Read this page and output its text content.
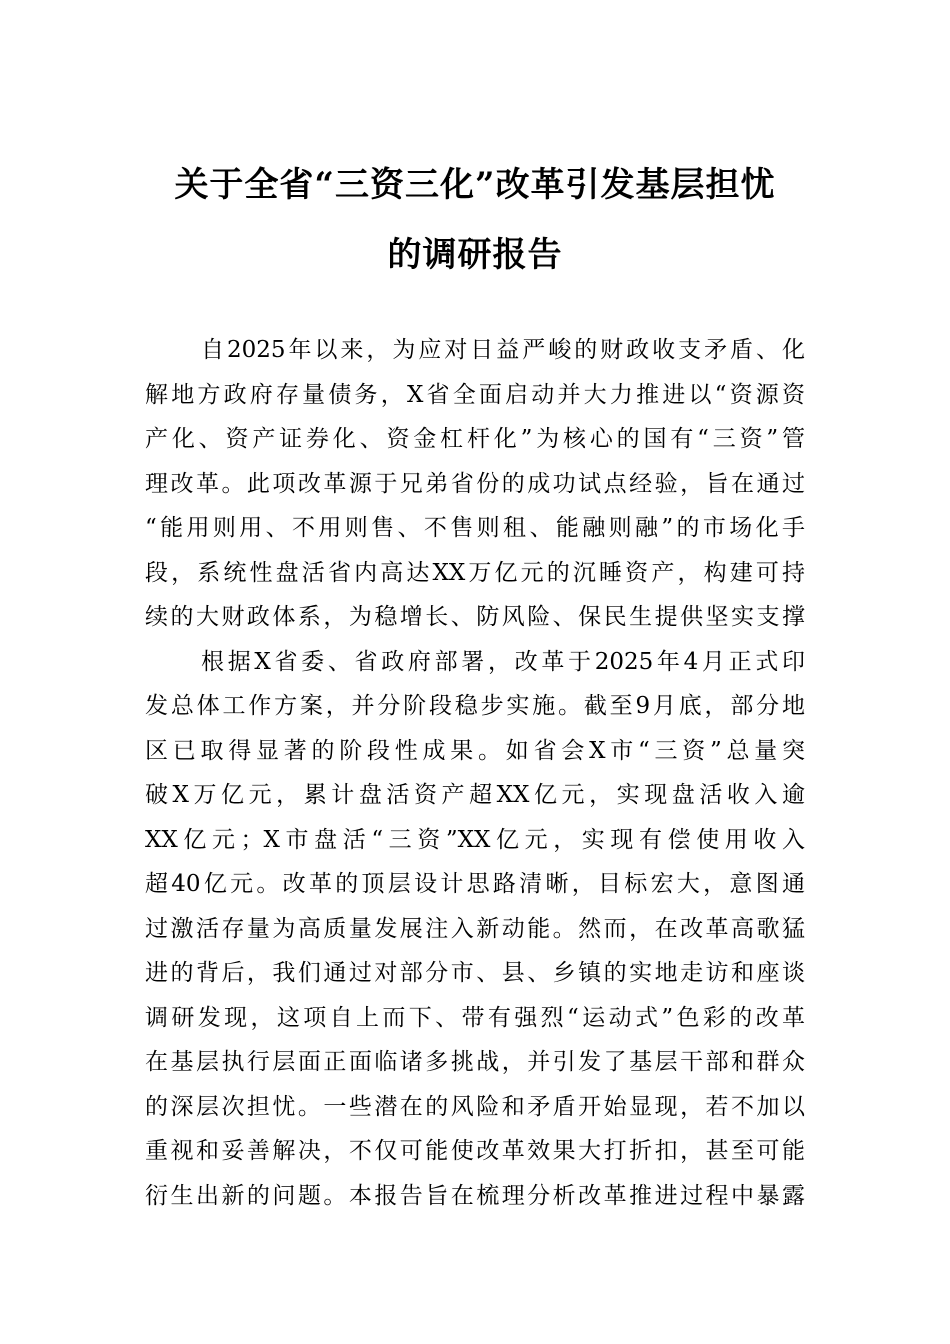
关于全省“三资三化”改革引发基层担忧
的调研报告
自2025年以来，为应对日益严峻的财政收支矛盾、化
解地方政府存量债务，X省全面启动并大力推进以“资源资
产化、资产证券化、资金杠杆化”为核心的国有“三资”管
理改革。此项改革源于兄弟省份的成功试点经验，旨在通过
“能用则用、不用则售、不售则租、能融则融”的市场化手
段，系统性盘活省内高达XX万亿元的沉睡资产，构建可持
续的大财政体系，为稳增长、防风险、保民生提供坚实支撑
根据X省委、省政府部署，改革于2025年4月正式印
发总体工作方案，并分阶段稳步实施。截至9月底，部分地
区已取得显著的阶段性成果。如省会X市“三资”总量突
破X万亿元，累计盘活资产超XX亿元，实现盘活收入逾
XX亿元；X市盘活“三资”XX亿元，实现有偿使用收入
超40亿元。改革的顶层设计思路清晰，目标宏大，意图通
过激活存量为高质量发展注入新动能。然而，在改革高歌猛
进的背后，我们通过对部分市、县、乡镇的实地走访和座谈
调研发现，这项自上而下、带有强烈“运动式”色彩的改革
在基层执行层面正面临诸多挑战，并引发了基层干部和群众
的深层次担忧。一些潜在的风险和矛盾开始显现，若不加以
重视和妥善解决，不仅可能使改革效果大打折扣，甚至可能
衍生出新的问题。本报告旨在梳理分析改革推进过程中暴露
